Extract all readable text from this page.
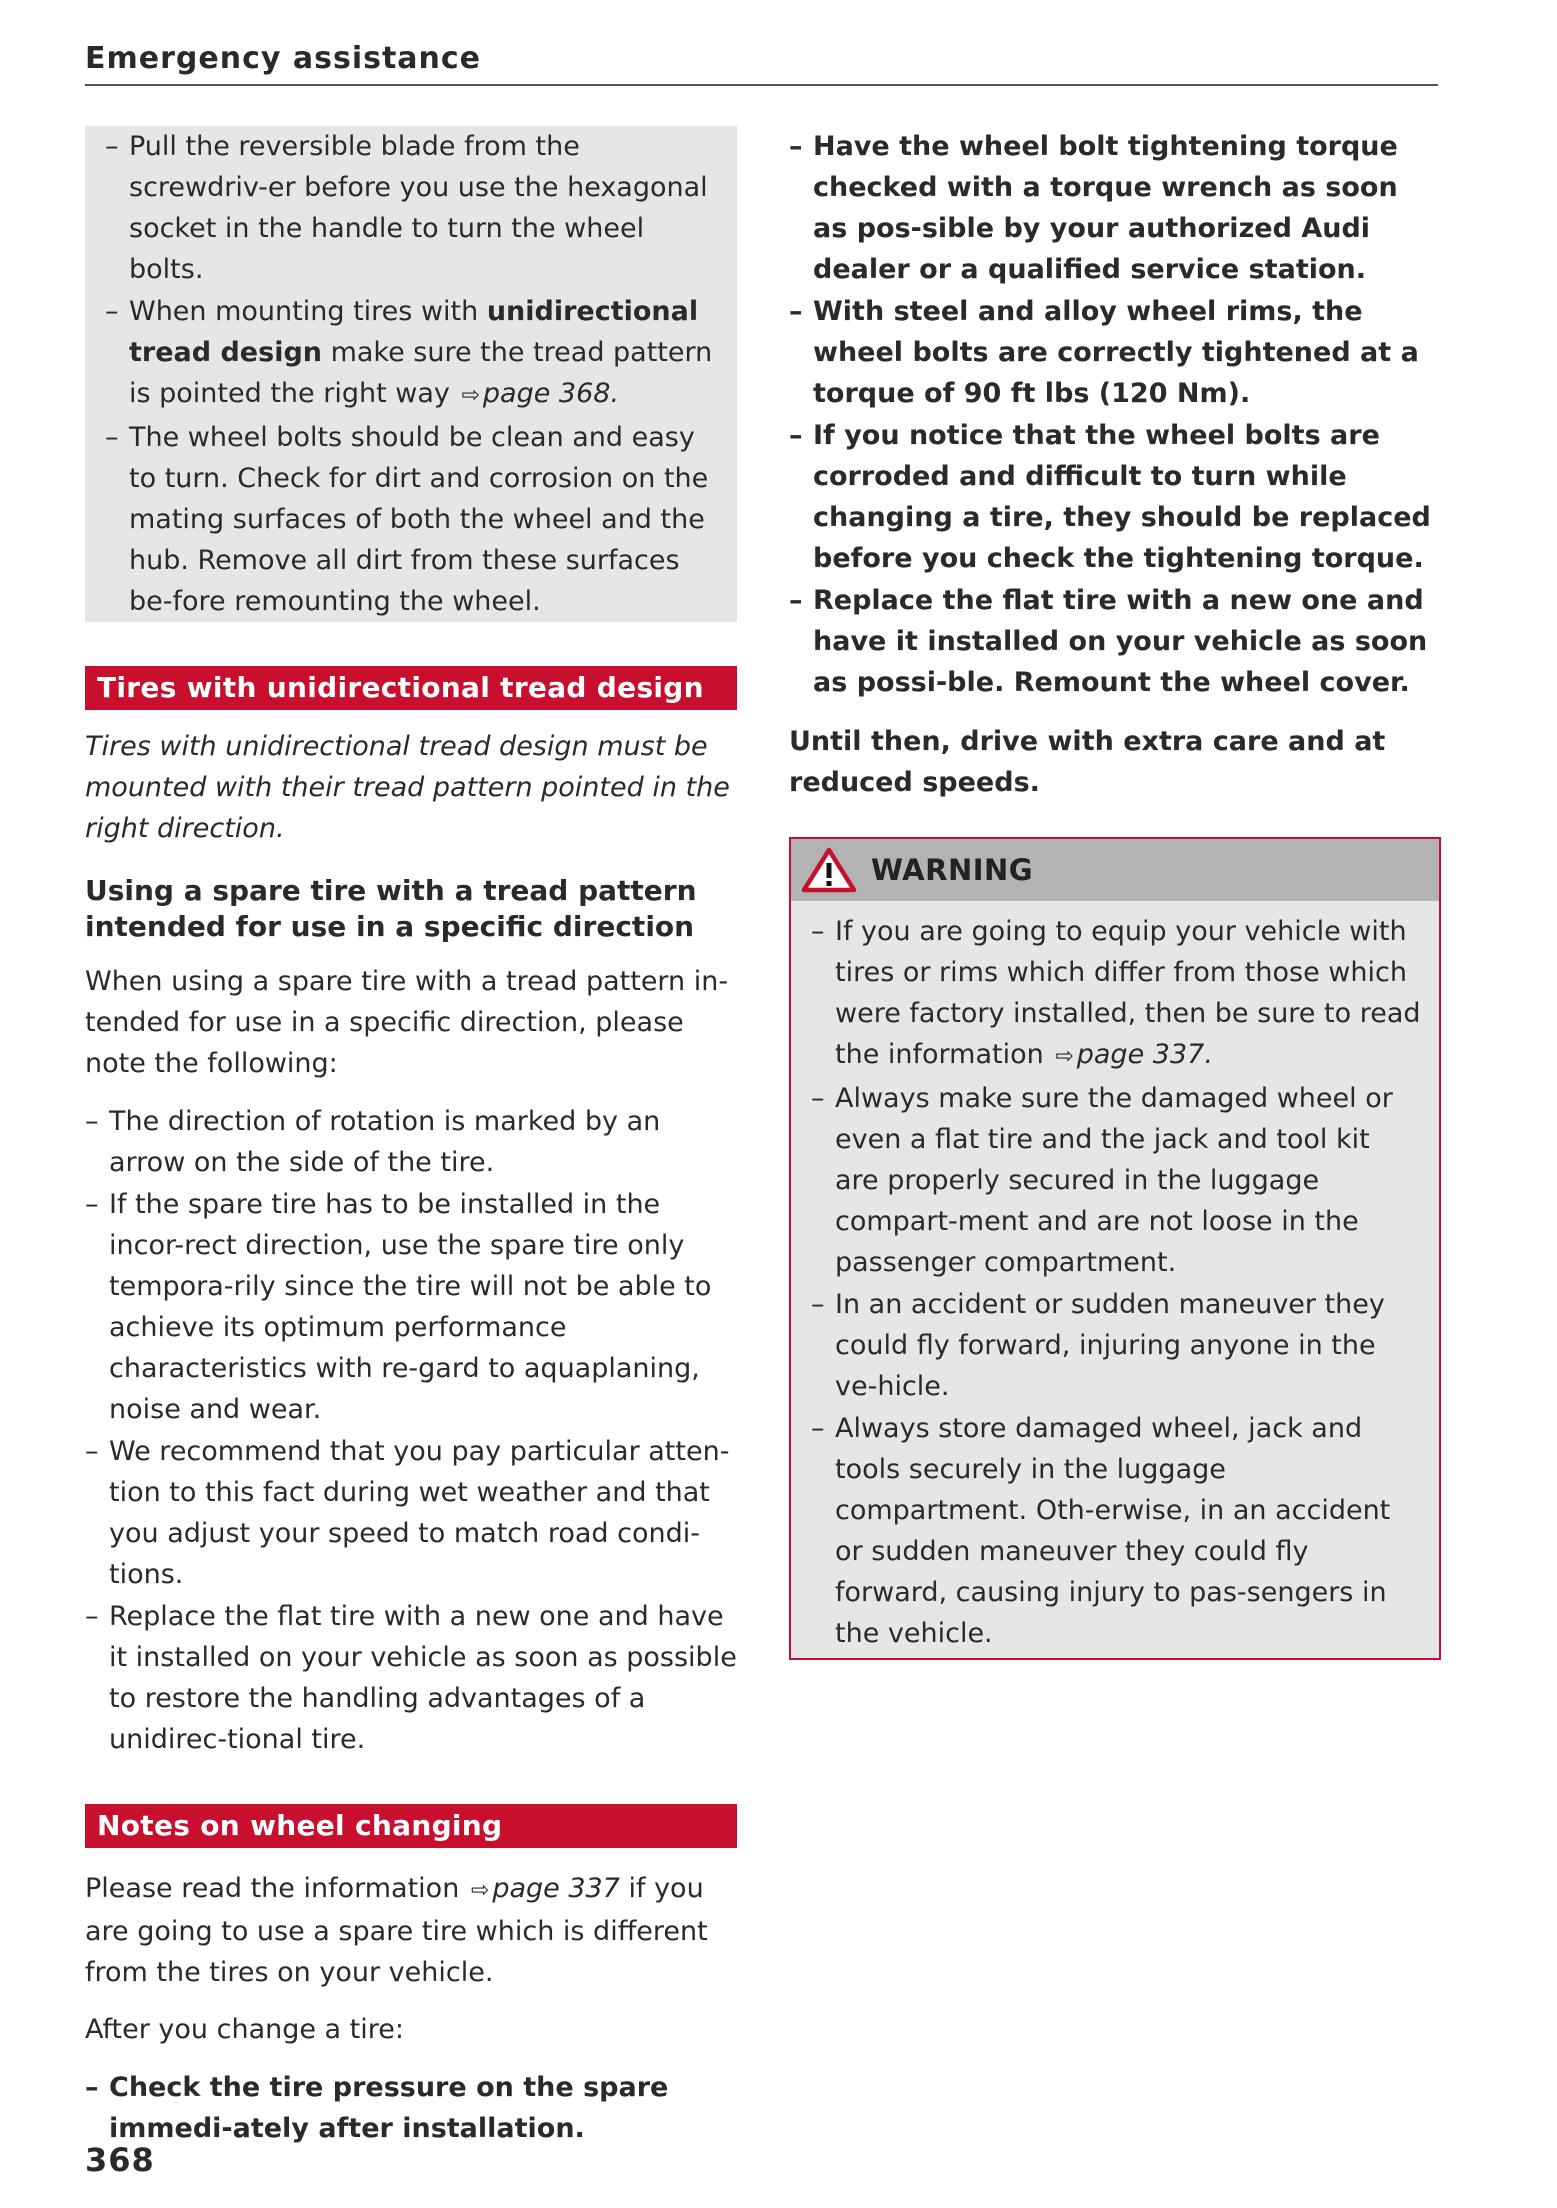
Emergency assistance
– Pull the reversible blade from the screwdriv-er before you use the hexagonal socket in the handle to turn the wheel bolts.
– When mounting tires with unidirectional tread design make sure the tread pattern is pointed the right way ⇨ page 368.
– The wheel bolts should be clean and easy to turn. Check for dirt and corrosion on the mating surfaces of both the wheel and the hub. Remove all dirt from these surfaces be-fore remounting the wheel.
Tires with unidirectional tread design

Tires with unidirectional tread design must be mounted with their tread pattern pointed in the right direction.

Using a spare tire with a tread pattern intended for use in a specific direction

When using a spare tire with a tread pattern in-tended for use in a specific direction, please note the following:

– The direction of rotation is marked by an arrow on the side of the tire.
– If the spare tire has to be installed in the incor-rect direction, use the spare tire only tempora-rily since the tire will not be able to achieve its optimum performance characteristics with re-gard to aquaplaning, noise and wear.
– We recommend that you pay particular atten-tion to this fact during wet weather and that you adjust your speed to match road condi-tions.
– Replace the flat tire with a new one and have it installed on your vehicle as soon as possible to restore the handling advantages of a unidirec-tional tire.
Notes on wheel changing

Please read the information ⇨ page 337 if you are going to use a spare tire which is different from the tires on your vehicle.

After you change a tire:

– Check the tire pressure on the spare immedi-ately after installation.
– Have the wheel bolt tightening torque checked with a torque wrench as soon as pos-sible by your authorized Audi dealer or a qualified service station.
– With steel and alloy wheel rims, the wheel bolts are correctly tightened at a torque of 90 ft lbs (120 Nm).
– If you notice that the wheel bolts are corroded and difficult to turn while changing a tire, they should be replaced before you check the tightening torque.
– Replace the flat tire with a new one and have it installed on your vehicle as soon as possi-ble. Remount the wheel cover.

Until then, drive with extra care and at reduced speeds.

WARNING
– If you are going to equip your vehicle with tires or rims which differ from those which were factory installed, then be sure to read the information ⇨ page 337.
– Always make sure the damaged wheel or even a flat tire and the jack and tool kit are properly secured in the luggage compart-ment and are not loose in the passenger compartment.
– In an accident or sudden maneuver they could fly forward, injuring anyone in the ve-hicle.
– Always store damaged wheel, jack and tools securely in the luggage compartment. Oth-erwise, in an accident or sudden maneuver they could fly forward, causing injury to pas-sengers in the vehicle.
368
